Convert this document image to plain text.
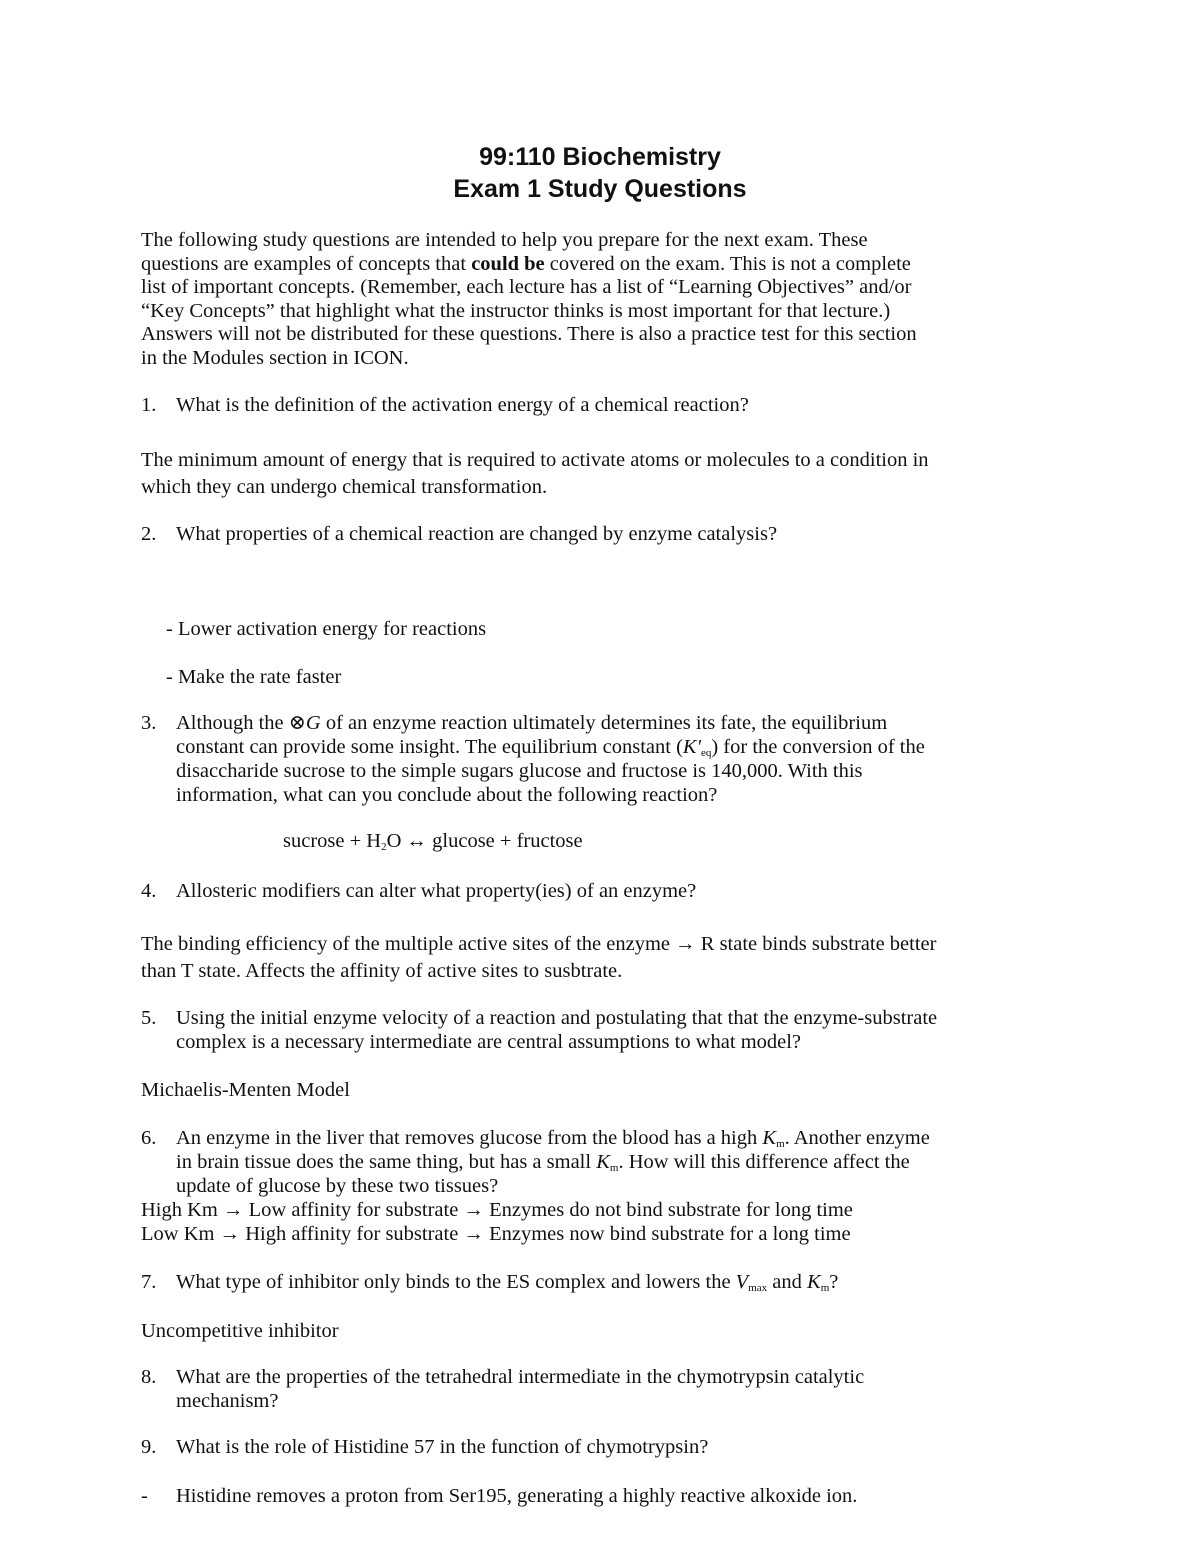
99:110 Biochemistry
Exam 1 Study Questions
The following study questions are intended to help you prepare for the next exam. These
questions are examples of concepts that could be covered on the exam. This is not a complete
list of important concepts. (Remember, each lecture has a list of “Learning Objectives” and/or
“Key Concepts” that highlight what the instructor thinks is most important for that lecture.)
Answers will not be distributed for these questions. There is also a practice test for this section
in the Modules section in ICON.
1. What is the definition of the activation energy of a chemical reaction?
The minimum amount of energy that is required to activate atoms or molecules to a condition in
which they can undergo chemical transformation.
2. What properties of a chemical reaction are changed by enzyme catalysis?
- Lower activation energy for reactions
- Make the rate faster
3. Although the ⊗G of an enzyme reaction ultimately determines its fate, the equilibrium
constant can provide some insight. The equilibrium constant $(K'_{eq})$ for the conversion of the
disaccharide sucrose to the simple sugars glucose and fructose is 140,000. With this
information, what can you conclude about the following reaction?
sucrose + $H_2O$ ↔ glucose + fructose
4. Allosteric modifiers can alter what property(ies) of an enzyme?
The binding efficiency of the multiple active sites of the enzyme → R state binds substrate better
than T state. Affects the affinity of active sites to susbtrate.
5. Using the initial enzyme velocity of a reaction and postulating that that the enzyme-substrate
complex is a necessary intermediate are central assumptions to what model?
Michaelis-Menten Model
6. An enzyme in the liver that removes glucose from the blood has a high $K_m$. Another enzyme
in brain tissue does the same thing, but has a small $K_m$. How will this difference affect the
update of glucose by these two tissues?
High Km → Low affinity for substrate → Enzymes do not bind substrate for long time
Low Km → High affinity for substrate → Enzymes now bind substrate for a long time
7. What type of inhibitor only binds to the ES complex and lowers the $V_{max}$ and $K_m$?
Uncompetitive inhibitor
8. What are the properties of the tetrahedral intermediate in the chymotrypsin catalytic
mechanism?
9. What is the role of Histidine 57 in the function of chymotrypsin?
-	Histidine removes a proton from Ser195, generating a highly reactive alkoxide ion.
